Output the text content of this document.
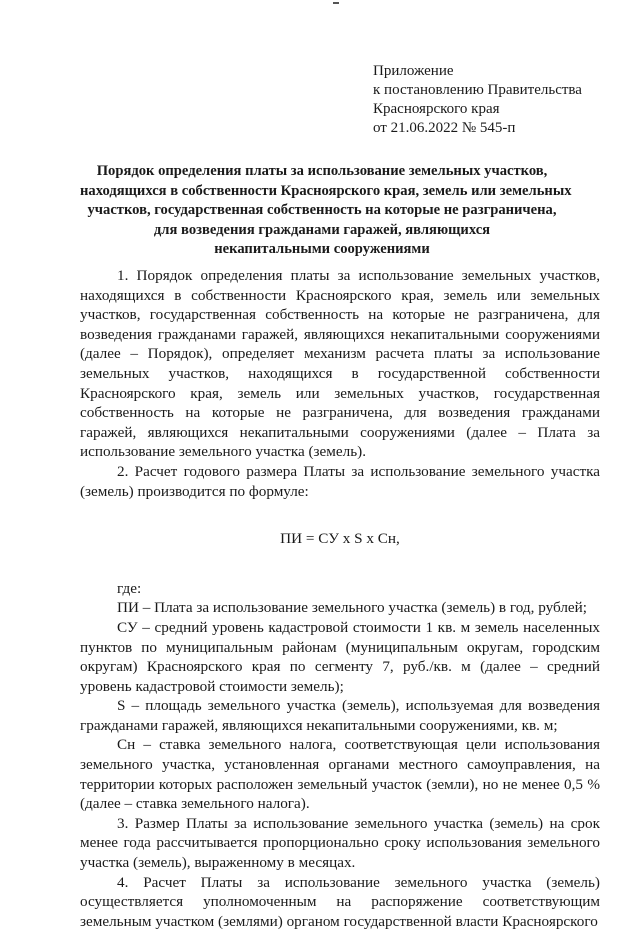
Приложение
к постановлению Правительства
Красноярского края
от 21.06.2022 № 545-п
Порядок определения платы за использование земельных участков,
находящихся в собственности Красноярского края, земель или земельных
участков, государственная собственность на которые не разграничена,
для возведения гражданами гаражей, являющихся
некапитальными сооружениями

1. Порядок определения платы за использование земельных участков, находящихся в собственности Красноярского края, земель или земельных участков, государственная собственность на которые не разграничена, для возведения гражданами гаражей, являющихся некапитальными сооружениями (далее – Порядок), определяет механизм расчета платы за использование земельных участков, находящихся в государственной собственности Красноярского края, земель или земельных участков, государственная собственность на которые не разграничена, для возведения гражданами гаражей, являющихся некапитальными сооружениями (далее – Плата за использование земельного участка (земель).

2. Расчет годового размера Платы за использование земельного участка (земель) производится по формуле:

ПИ = СУ х S х Сн,

где:

ПИ – Плата за использование земельного участка (земель) в год, рублей;

СУ – средний уровень кадастровой стоимости 1 кв. м земель населенных пунктов по муниципальным районам (муниципальным округам, городским округам) Красноярского края по сегменту 7, руб./кв. м (далее – средний уровень кадастровой стоимости земель);

S – площадь земельного участка (земель), используемая для возведения гражданами гаражей, являющихся некапитальными сооружениями, кв. м;

Сн – ставка земельного налога, соответствующая цели использования земельного участка, установленная органами местного самоуправления, на территории которых расположен земельный участок (земли), но не менее 0,5 % (далее – ставка земельного налога).

3. Размер Платы за использование земельного участка (земель) на срок менее года рассчитывается пропорционально сроку использования земельного участка (земель), выраженному в месяцах.

4. Расчет Платы за использование земельного участка (земель) осуществляется уполномоченным на распоряжение соответствующим земельным участком (землями) органом государственной власти Красноярского
